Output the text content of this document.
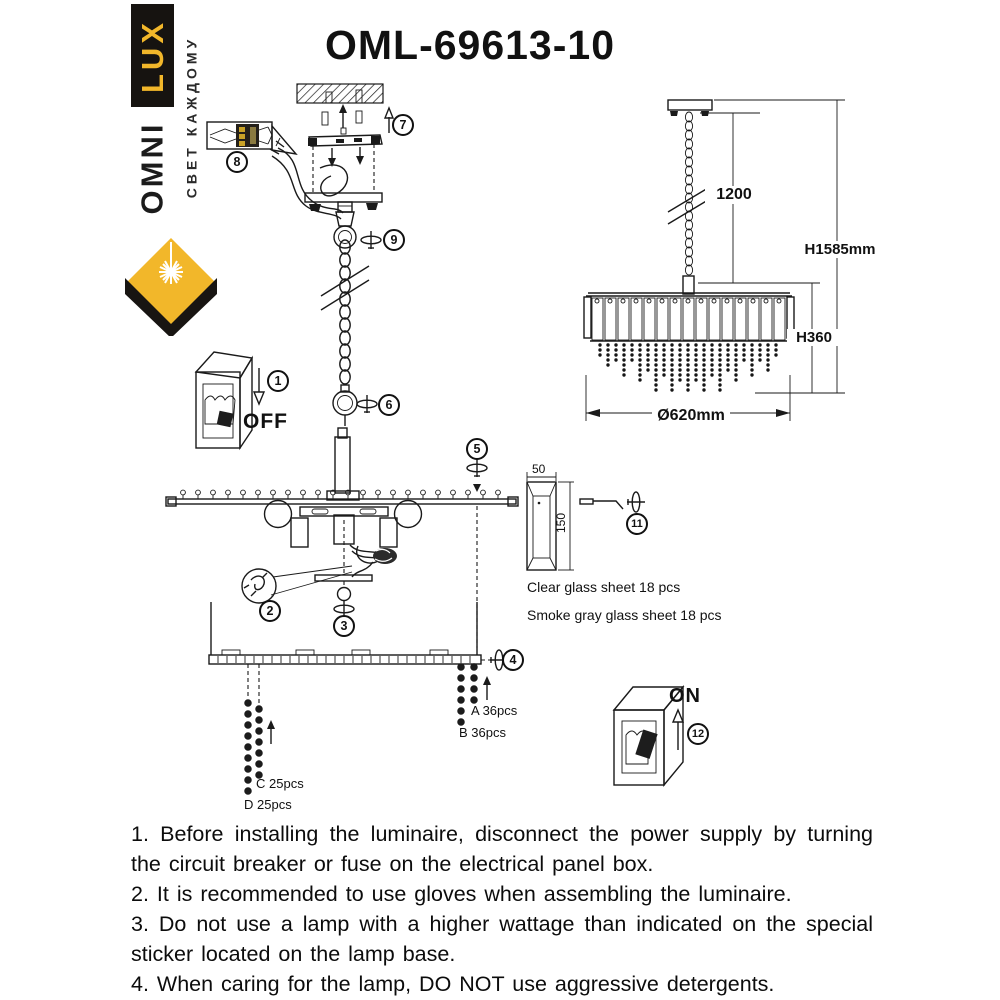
LUX
OMNI СВЕТ КАЖДОМУ	OML-69613-10
OFF
ON
1200
H1585mm
H360
Ø620mm
50
150
A 36pcs
B 36pcs
C 25pcs
D 25pcs
Clear glass sheet 18 pcs
Smoke gray glass sheet 18 pcs
1
2
3
4
5
6
7
8
9
11
12

1. Before installing the luminaire, disconnect the power supply by turning the circuit breaker or fuse on the electrical panel box.

2. It is recommended to use gloves when assembling the luminaire.

3. Do not use a lamp with a higher wattage than indicated on the special sticker located on the lamp base.

4. When caring for the lamp, DO NOT use aggressive detergents.
